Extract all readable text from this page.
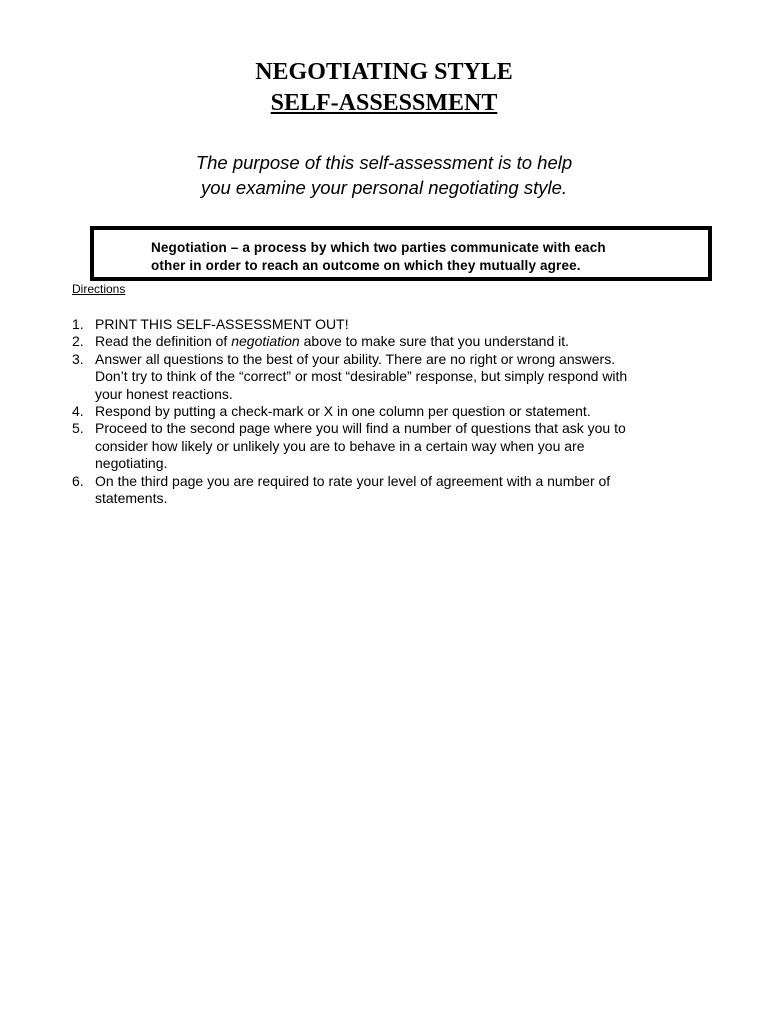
NEGOTIATING STYLE
SELF-ASSESSMENT

The purpose of this self-assessment is to help
you examine your personal negotiating style.

Negotiation – a process by which two parties communicate with each
other in order to reach an outcome on which they mutually agree.

Directions

1. PRINT THIS SELF-ASSESSMENT OUT!
2. Read the definition of negotiation above to make sure that you understand it.
3. Answer all questions to the best of your ability. There are no right or wrong answers.
Don’t try to think of the “correct” or most “desirable” response, but simply respond with
your honest reactions.
4. Respond by putting a check-mark or X in one column per question or statement.
5. Proceed to the second page where you will find a number of questions that ask you to
consider how likely or unlikely you are to behave in a certain way when you are
negotiating.
6. On the third page you are required to rate your level of agreement with a number of
statements.
